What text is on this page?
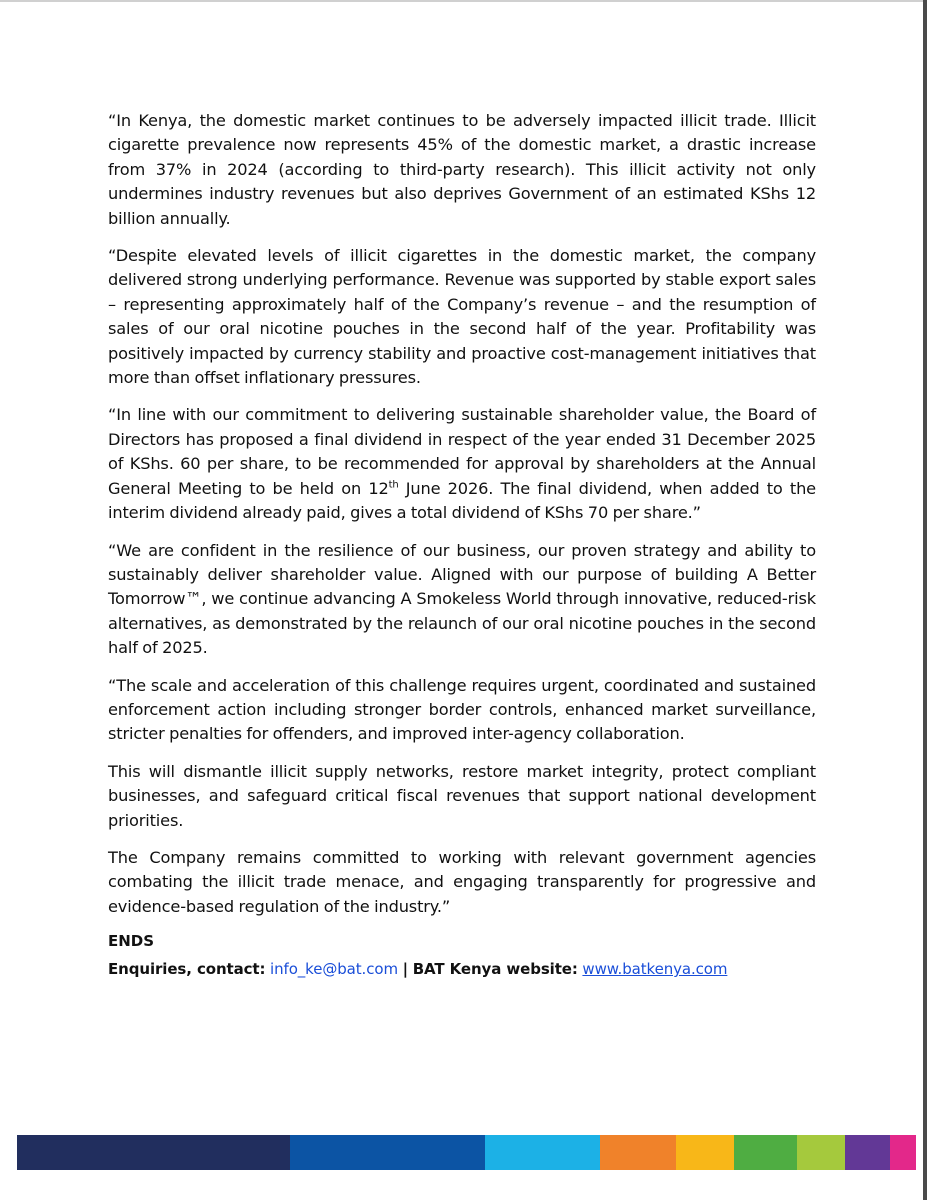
“In Kenya, the domestic market continues to be adversely impacted illicit trade. Illicit cigarette prevalence now represents 45% of the domestic market, a drastic increase from 37% in 2024 (according to third-party research). This illicit activity not only undermines industry revenues but also deprives Government of an estimated KShs 12 billion annually.

“Despite elevated levels of illicit cigarettes in the domestic market, the company delivered strong underlying performance. Revenue was supported by stable export sales – representing approximately half of the Company’s revenue – and the resumption of sales of our oral nicotine pouches in the second half of the year. Profitability was positively impacted by currency stability and proactive cost-management initiatives that more than offset inflationary pressures.

“In line with our commitment to delivering sustainable shareholder value, the Board of Directors has proposed a final dividend in respect of the year ended 31 December 2025 of KShs. 60 per share, to be recommended for approval by shareholders at the Annual General Meeting to be held on 12th June 2026. The final dividend, when added to the interim dividend already paid, gives a total dividend of KShs 70 per share.”

“We are confident in the resilience of our business, our proven strategy and ability to sustainably deliver shareholder value. Aligned with our purpose of building A Better Tomorrow™, we continue advancing A Smokeless World through innovative, reduced-risk alternatives, as demonstrated by the relaunch of our oral nicotine pouches in the second half of 2025.

“The scale and acceleration of this challenge requires urgent, coordinated and sustained enforcement action including stronger border controls, enhanced market surveillance, stricter penalties for offenders, and improved inter-agency collaboration.

This will dismantle illicit supply networks, restore market integrity, protect compliant businesses, and safeguard critical fiscal revenues that support national development priorities.

The Company remains committed to working with relevant government agencies combating the illicit trade menace, and engaging transparently for progressive and evidence-based regulation of the industry.”

ENDS

Enquiries, contact: info_ke@bat.com | BAT Kenya website: www.batkenya.com
